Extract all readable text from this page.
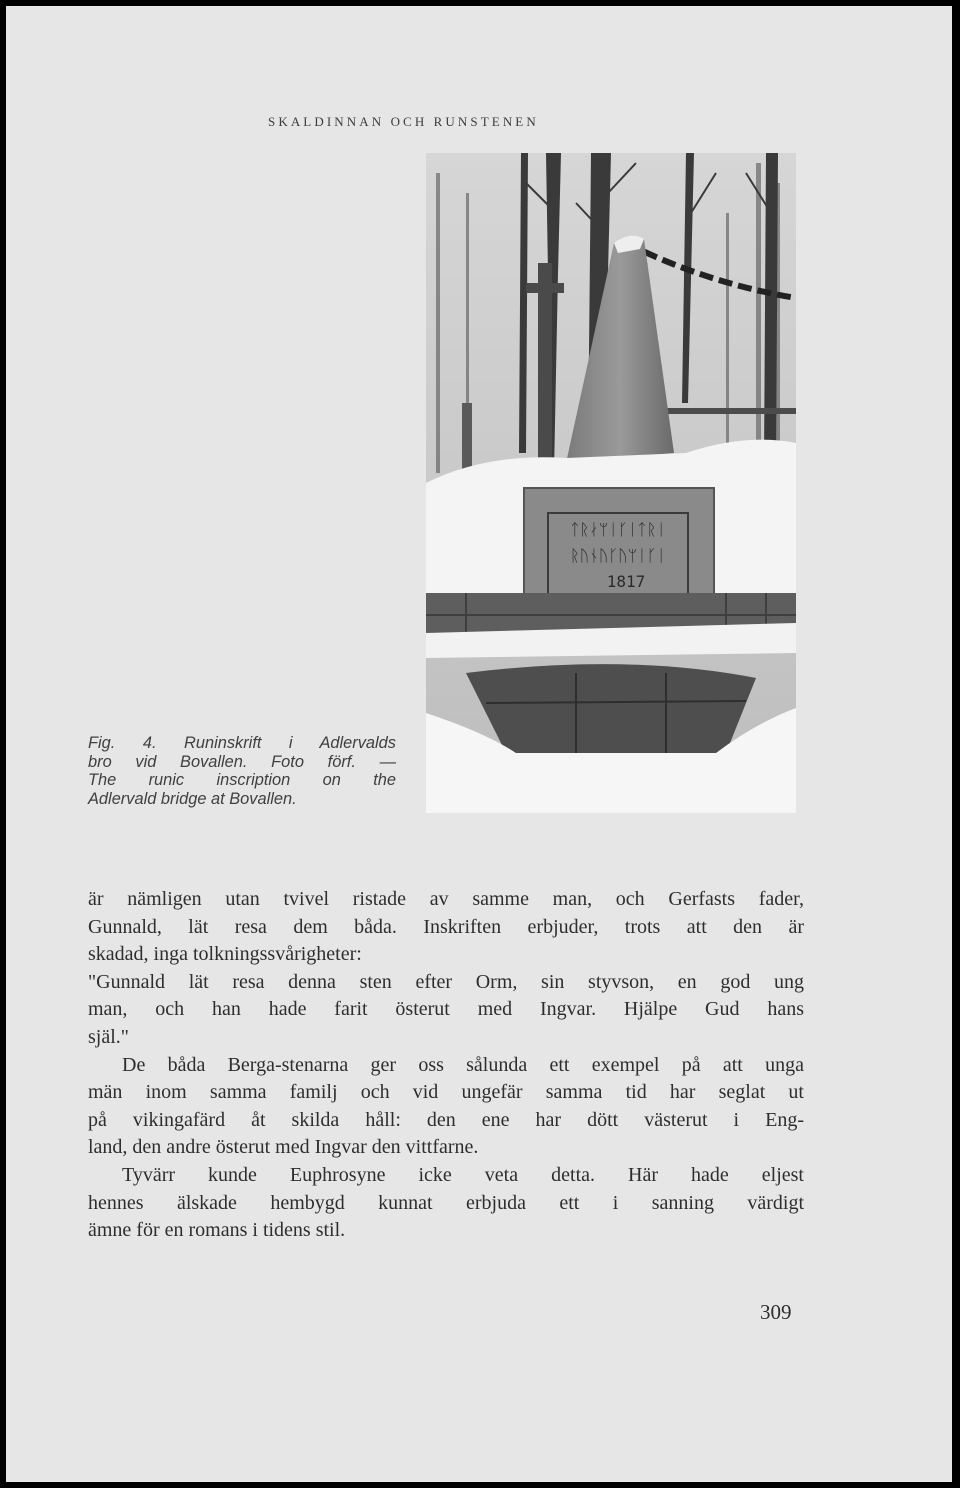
SKALDINNAN OCH RUNSTENEN
ᛏᚱᛅᛘᛁᚴᛁᛏᚱᛁ
ᚱᚢᚾᚢᚴᚢᛘᛁᚴᛁ
1817
Fig. 4. Runinskrift i Adlervalds
bro vid Bovallen. Foto förf. —
The runic inscription on the
Adlervald bridge at Bovallen.
är nämligen utan tvivel ristade av samme man, och Gerfasts fader,
Gunnald, lät resa dem båda. Inskriften erbjuder, trots att den är
skadad, inga tolkningssvårigheter:
"Gunnald lät resa denna sten efter Orm, sin styvson, en god ung
man, och han hade farit österut med Ingvar. Hjälpe Gud hans
själ."
De båda Berga-stenarna ger oss sålunda ett exempel på att unga
män inom samma familj och vid ungefär samma tid har seglat ut
på vikingafärd åt skilda håll: den ene har dött västerut i Eng-
land, den andre österut med Ingvar den vittfarne.
Tyvärr kunde Euphrosyne icke veta detta. Här hade eljest
hennes älskade hembygd kunnat erbjuda ett i sanning värdigt
ämne för en romans i tidens stil.
309
